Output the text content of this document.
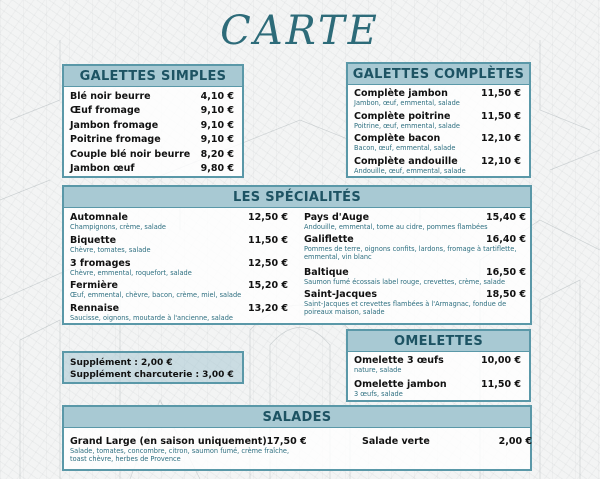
CARTE
GALETTES SIMPLES
Blé noir beurre	4,10 €
Œuf fromage	9,10 €
Jambon fromage	9,10 €
Poitrine fromage	9,10 €
Couple blé noir beurre 8,20 €
Jambon œuf	9,80 €
GALETTES COMPLÈTES
Complète jambon	11,50 €
Jambon, œuf, emmental, salade
Complète poitrine	11,50 €
Poitrine, œuf, emmental, salade
Complète bacon	12,10 €
Bacon, œuf, emmental, salade
Complète andouille 12,10 €
Andouille, œuf, emmental, salade
LES SPÉCIALITÉS
Automnale	12,50 €
Champignons, crème, salade
Biquette	11,50 €
Chèvre, tomates, salade
3 fromages	12,50 €
Chèvre, emmental, roquefort, salade
Fermière	15,20 €
Œuf, emmental, chèvre, bacon, crème, miel, salade
Rennaise	13,20 €
Saucisse, oignons, moutarde à l'ancienne, salade
Pays d'Auge	15,40 €
Andouille, emmental, tome au cidre, pommes flambées
Galiflette	16,40 €
Pommes de terre, oignons confits, lardons, fromage à tartiflette, emmental, vin blanc
Baltique	16,50 €
Saumon fumé écossais label rouge, crevettes, crème, salade
Saint-Jacques	18,50 €
Saint-Jacques et crevettes flambées à l'Armagnac, fondue de poireaux maison, salade
Supplément : 2,00 €
Supplément charcuterie : 3,00 €
OMELETTES
Omelette 3 œufs	10,00 €
nature, salade
Omelette jambon	11,50 €
3 œufs, salade
SALADES
Grand Large (en saison uniquement) 17,50 €
Salade, tomates, concombre, citron, saumon fumé, crème fraîche, toast chèvre, herbes de Provence
Salade verte	2,00 €
